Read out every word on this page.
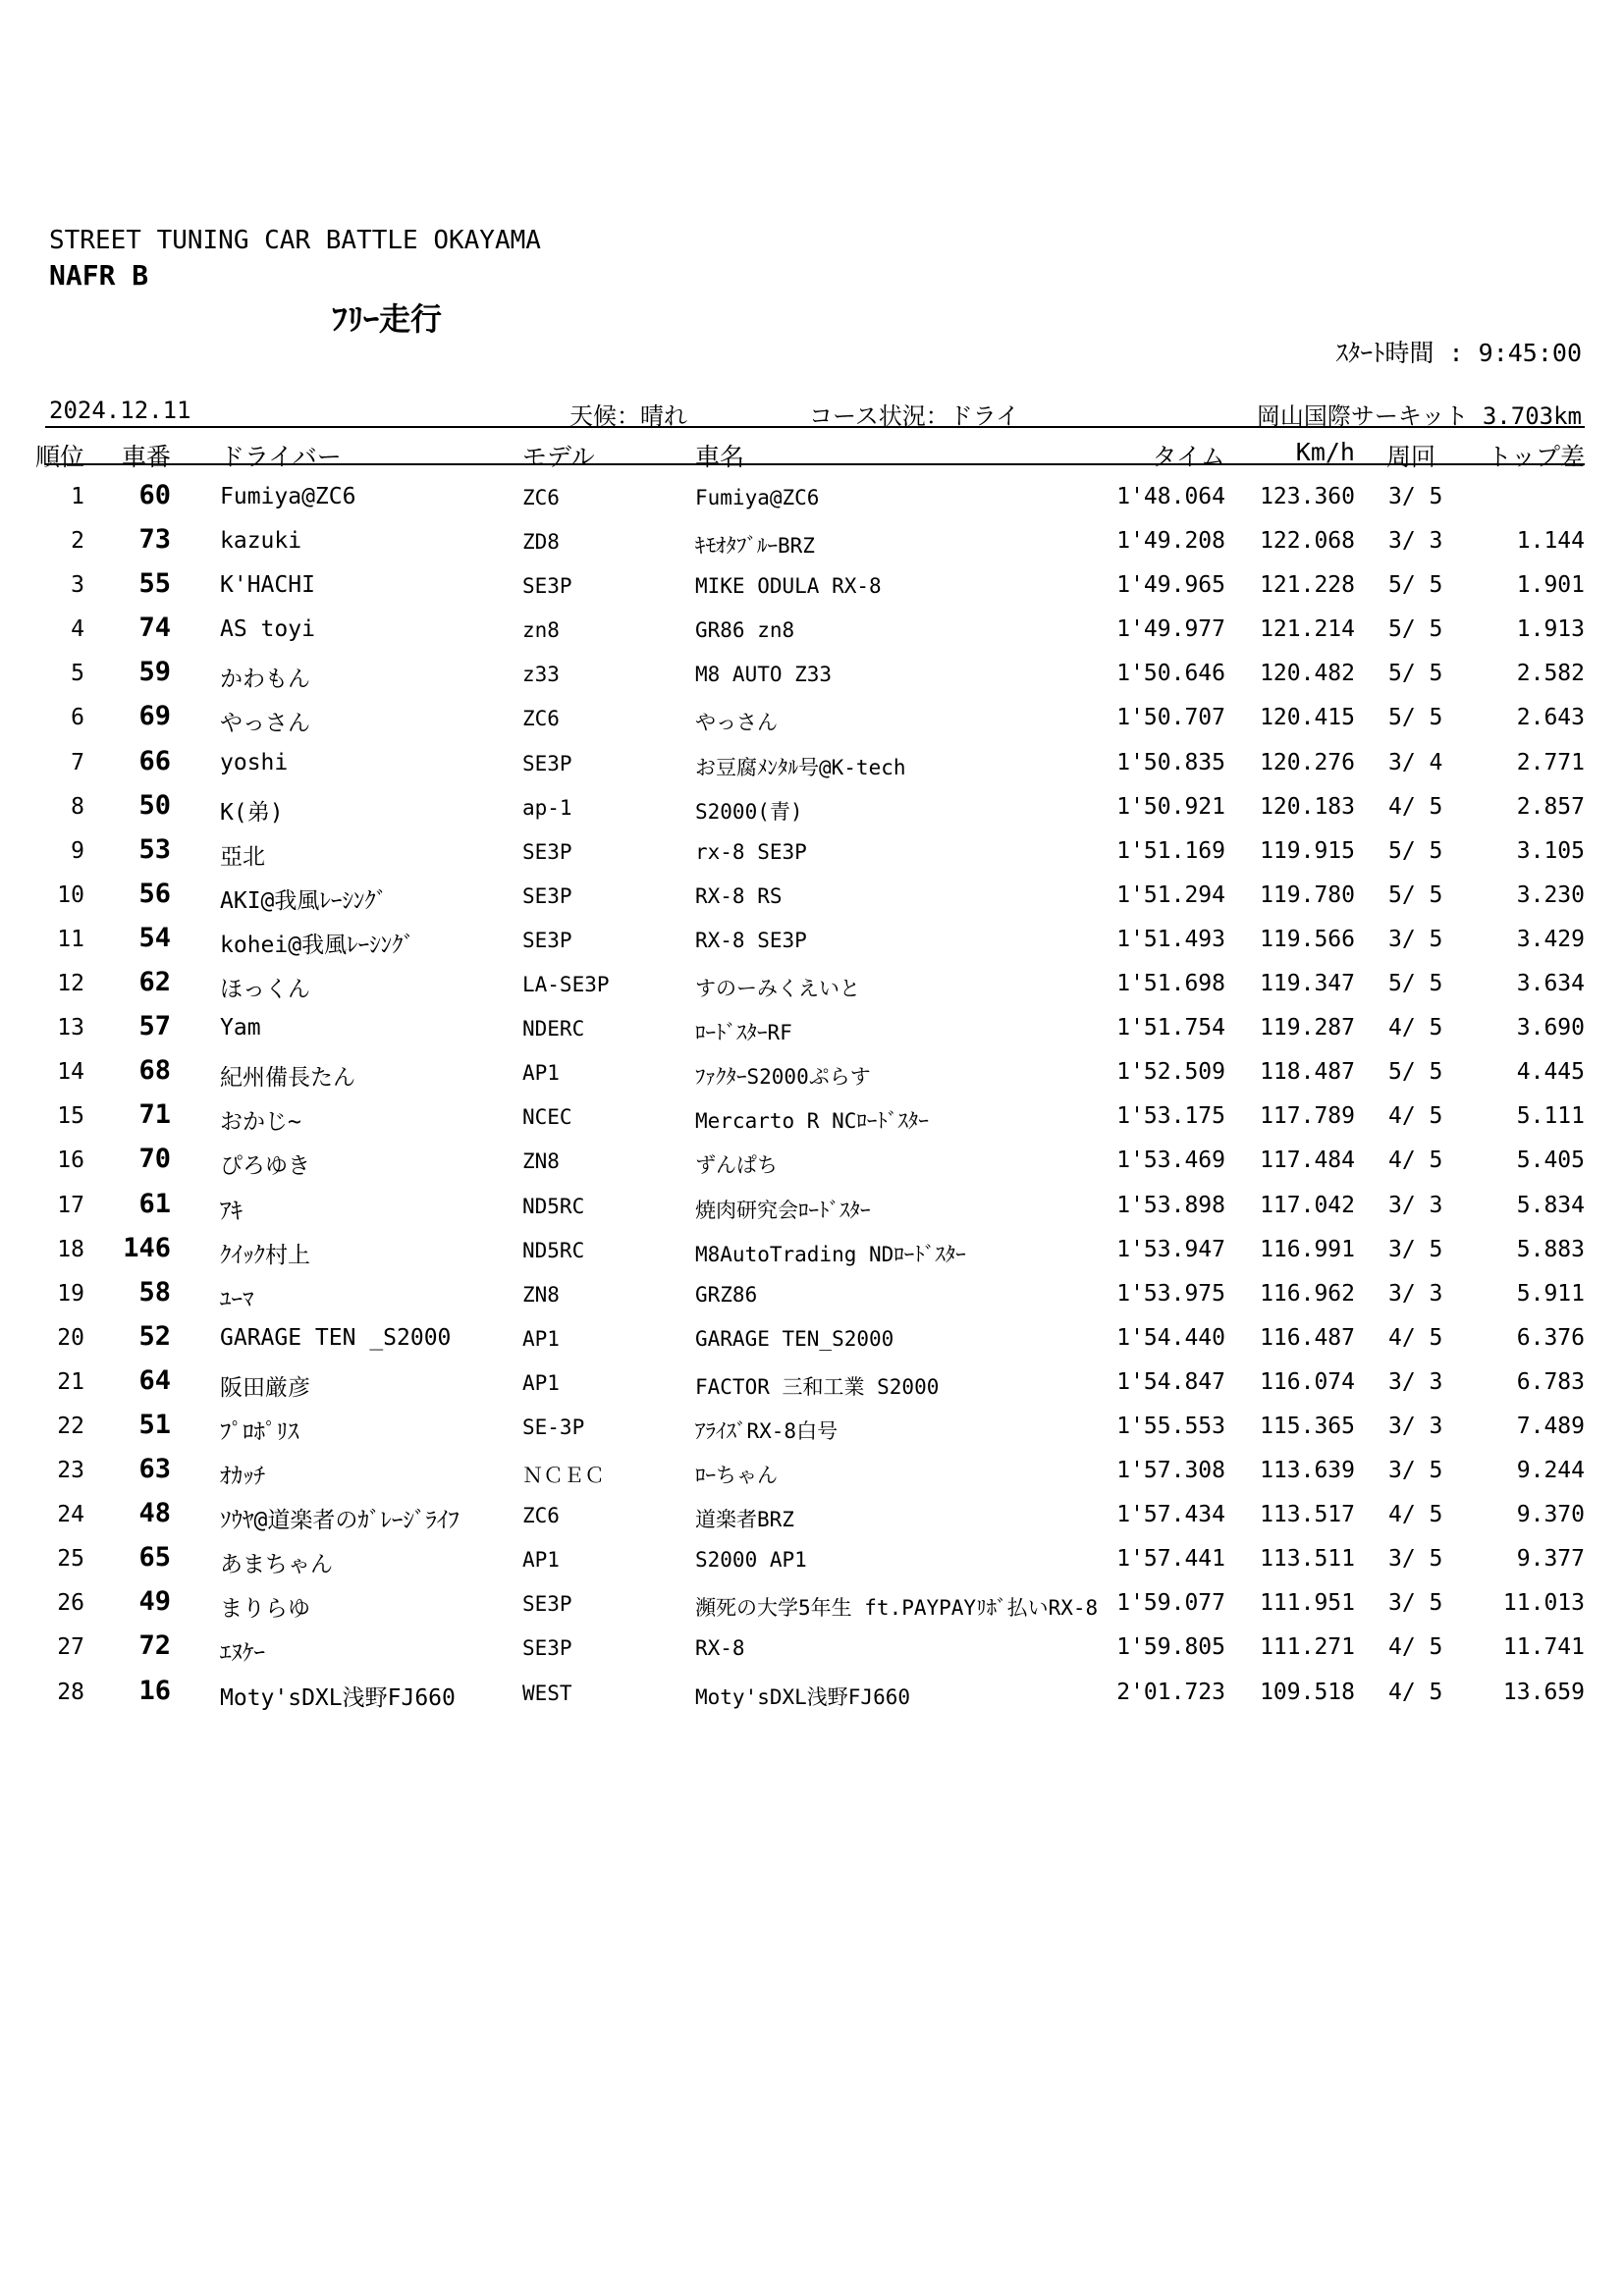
STREET TUNING CAR BATTLE OKAYAMA
NAFR B
ﾌﾘｰ走行
ｽﾀｰﾄ時間 : 9:45:00
2024.12.11	天候：晴れ	コース状況：ドライ	岡山国際サーキット 3.703km
順位 車番 ドライバー	モデル	車名	タイム	Km/h 周回 トップ差
1 60 Fumiya@ZC6	ZC6	Fumiya@ZC6	1'48.064 123.360 3/ 5
2 73 kazuki	ZD8	ｷﾓｵﾀﾌﾞﾙｰBRZ	1'49.208 122.068 3/ 3	1.144
3 55 K'HACHI	SE3P	MIKE ODULA RX-8	1'49.965 121.228 5/ 5	1.901
4 74 AS toyi	zn8	GR86 zn8	1'49.977 121.214 5/ 5	1.913
5 59 かわもん	z33	M8 AUTO Z33	1'50.646 120.482 5/ 5	2.582
6 69 やっさん	ZC6	やっさん	1'50.707 120.415 5/ 5	2.643
7 66 yoshi	SE3P	お豆腐ﾒﾝﾀﾙ号@K-tech	1'50.835 120.276 3/ 4	2.771
8 50 K(弟)	ap-1	S2000(青)	1'50.921 120.183 4/ 5	2.857
9 53 亞北	SE3P	rx-8 SE3P	1'51.169 119.915 5/ 5	3.105
10 56 AKI@我風ﾚｰｼﾝｸﾞ	SE3P	RX-8 RS	1'51.294 119.780 5/ 5	3.230
11 54 kohei@我風ﾚｰｼﾝｸﾞ	SE3P	RX-8 SE3P	1'51.493 119.566 3/ 5	3.429
12 62 ほっくん	LA-SE3P	すのーみくえいと	1'51.698 119.347 5/ 5	3.634
13 57 Yam	NDERC	ﾛｰﾄﾞｽﾀｰRF	1'51.754 119.287 4/ 5	3.690
14 68 紀州備長たん	AP1	ﾌｧｸﾀｰS2000ぷらす	1'52.509 118.487 5/ 5	4.445
15 71 おかじ~	NCEC	Mercarto R NCﾛｰﾄﾞｽﾀｰ	1'53.175 117.789 4/ 5	5.111
16 70 ぴろゆき	ZN8	ずんぱち	1'53.469 117.484 4/ 5	5.405
17 61 ｱｷ	ND5RC	焼肉研究会ﾛｰﾄﾞｽﾀｰ	1'53.898 117.042 3/ 3	5.834
18 146 ｸｲｯｸ村上	ND5RC	M8AutoTrading NDﾛｰﾄﾞｽﾀｰ	1'53.947 116.991 3/ 5	5.883
19 58 ﾕｰﾏ	ZN8	GRZ86	1'53.975 116.962 3/ 3	5.911
20 52 GARAGE TEN _S2000	AP1	GARAGE TEN_S2000	1'54.440 116.487 4/ 5	6.376
21 64 阪田厳彦	AP1	FACTOR 三和工業 S2000	1'54.847 116.074 3/ 3	6.783
22 51 ﾌﾟﾛﾎﾟﾘｽ	SE-3P	ｱﾗｲｽﾞRX-8白号	1'55.553 115.365 3/ 3	7.489
23 63 ｵｶｯﾁ	ＮＣＥＣ	ﾛｰちゃん	1'57.308 113.639 3/ 5	9.244
24 48 ｿｳﾔ@道楽者のｶﾞﾚｰｼﾞﾗｲﾌ	ZC6	道楽者BRZ	1'57.434 113.517 4/ 5	9.370
25 65 あまちゃん	AP1	S2000 AP1	1'57.441 113.511 3/ 5	9.377
26 49 まりらゆ	SE3P	瀕死の大学5年生 ft.PAYPAYﾘﾎﾞ払いRX-8 1'59.077 111.951 3/ 5	11.013
27 72 ｴﾇｹｰ	SE3P	RX-8	1'59.805 111.271 4/ 5	11.741
28 16 Moty'sDXL浅野FJ660	WEST	Moty'sDXL浅野FJ660	2'01.723 109.518 4/ 5	13.659
